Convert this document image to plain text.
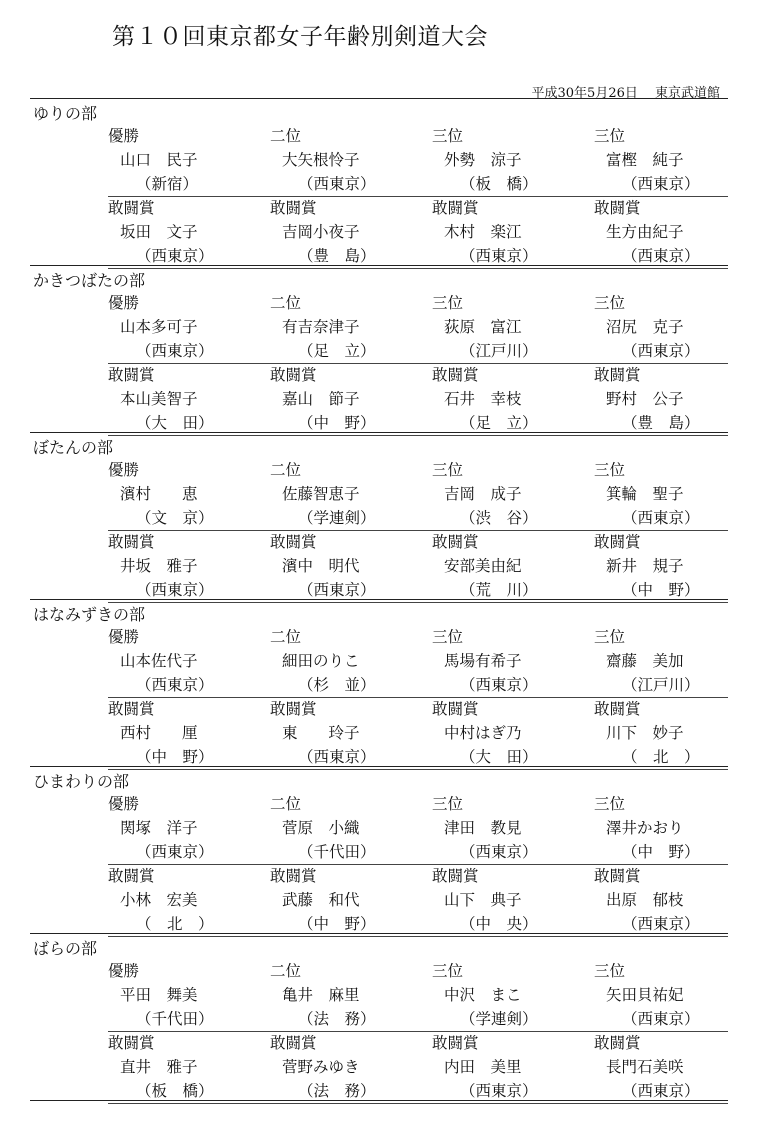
第１０回東京都女子年齢別剣道大会
平成30年5月26日　 東京武道館
ゆりの部
優勝	二位	三位	三位
山口　民子	大矢根怜子	外勢　涼子	富樫　純子
（新宿）	（西東京）	（板　橋）	（西東京）
敢闘賞	敢闘賞	敢闘賞	敢闘賞
坂田　文子	吉岡小夜子	木村　楽江	生方由紀子
（西東京）	（豊　島）	（西東京）	（西東京）
かきつばたの部
優勝	二位	三位	三位
山本多可子	有吉奈津子	荻原　富江	沼尻　克子
（西東京）	（足　立）	（江戸川）	（西東京）
敢闘賞	敢闘賞	敢闘賞	敢闘賞
本山美智子	嘉山　節子	石井　幸枝	野村　公子
（大　田）	（中　野）	（足　立）	（豊　島）
ぼたんの部
優勝	二位	三位	三位
濱村　　恵	佐藤智恵子	吉岡　成子	箕輪　聖子
（文　京）	（学連剣）	（渋　谷）	（西東京）
敢闘賞	敢闘賞	敢闘賞	敢闘賞
井坂　雅子	濱中　明代	安部美由紀	新井　規子
（西東京）	（西東京）	（荒　川）	（中　野）
はなみずきの部
優勝	二位	三位	三位
山本佐代子	細田のりこ	馬場有希子	齋藤　美加
（西東京）	（杉　並）	（西東京）	（江戸川）
敢闘賞	敢闘賞	敢闘賞	敢闘賞
西村　　厘	東　　玲子	中村はぎ乃	川下　妙子
（中　野）	（西東京）	（大　田）	（　北　）
ひまわりの部
優勝	二位	三位	三位
関塚　洋子	菅原　小織	津田　教見	澤井かおり
（西東京）	（千代田）	（西東京）	（中　野）
敢闘賞	敢闘賞	敢闘賞	敢闘賞
小林　宏美	武藤　和代	山下　典子	出原　郁枝
（　北　）	（中　野）	（中　央）	（西東京）
ばらの部
優勝	二位	三位	三位
平田　舞美	亀井　麻里	中沢　まこ	矢田貝祐妃
（千代田）	（法　務）	（学連剣）	（西東京）
敢闘賞	敢闘賞	敢闘賞	敢闘賞
直井　雅子	菅野みゆき	内田　美里	長門石美咲
（板　橋）	（法　務）	（西東京）	（西東京）
